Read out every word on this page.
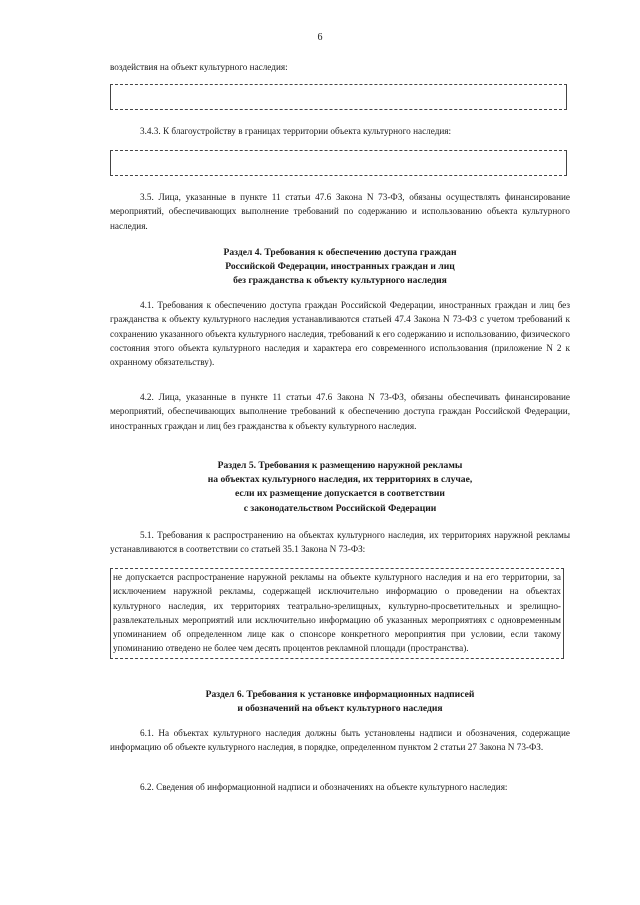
6
воздействия на объект культурного наследия:
3.4.3. К благоустройству в границах территории объекта культурного наследия:
3.5. Лица, указанные в пункте 11 статьи 47.6 Закона N 73-ФЗ, обязаны осуществлять финансирование мероприятий, обеспечивающих выполнение требований по содержанию и использованию объекта культурного наследия.
Раздел 4. Требования к обеспечению доступа граждан
Российской Федерации, иностранных граждан и лиц
без гражданства к объекту культурного наследия
4.1. Требования к обеспечению доступа граждан Российской Федерации, иностранных граждан и лиц без гражданства к объекту культурного наследия устанавливаются статьей 47.4 Закона N 73-ФЗ с учетом требований к сохранению указанного объекта культурного наследия, требований к его содержанию и использованию, физического состояния этого объекта культурного наследия и характера его современного использования (приложение N 2 к охранному обязательству).
4.2. Лица, указанные в пункте 11 статьи 47.6 Закона N 73-ФЗ, обязаны обеспечивать финансирование мероприятий, обеспечивающих выполнение требований к обеспечению доступа граждан Российской Федерации, иностранных граждан и лиц без гражданства к объекту культурного наследия.
Раздел 5. Требования к размещению наружной рекламы
на объектах культурного наследия, их территориях в случае,
если их размещение допускается в соответствии
с законодательством Российской Федерации
5.1. Требования к распространению на объектах культурного наследия, их территориях наружной рекламы устанавливаются в соответствии со статьей 35.1 Закона N 73-ФЗ:
не допускается распространение наружной рекламы на объекте культурного наследия и на его территории, за исключением наружной рекламы, содержащей исключительно информацию о проведении на объектах культурного наследия, их территориях театрально-зрелищных, культурно-просветительных и зрелищно-развлекательных мероприятий или исключительно информацию об указанных мероприятиях с одновременным упоминанием об определенном лице как о спонсоре конкретного мероприятия при условии, если такому упоминанию отведено не более чем десять процентов рекламной площади (пространства).
Раздел 6. Требования к установке информационных надписей
и обозначений на объект культурного наследия
6.1. На объектах культурного наследия должны быть установлены надписи и обозначения, содержащие информацию об объекте культурного наследия, в порядке, определенном пунктом 2 статьи 27 Закона N 73-ФЗ.
6.2. Сведения об информационной надписи и обозначениях на объекте культурного наследия:
